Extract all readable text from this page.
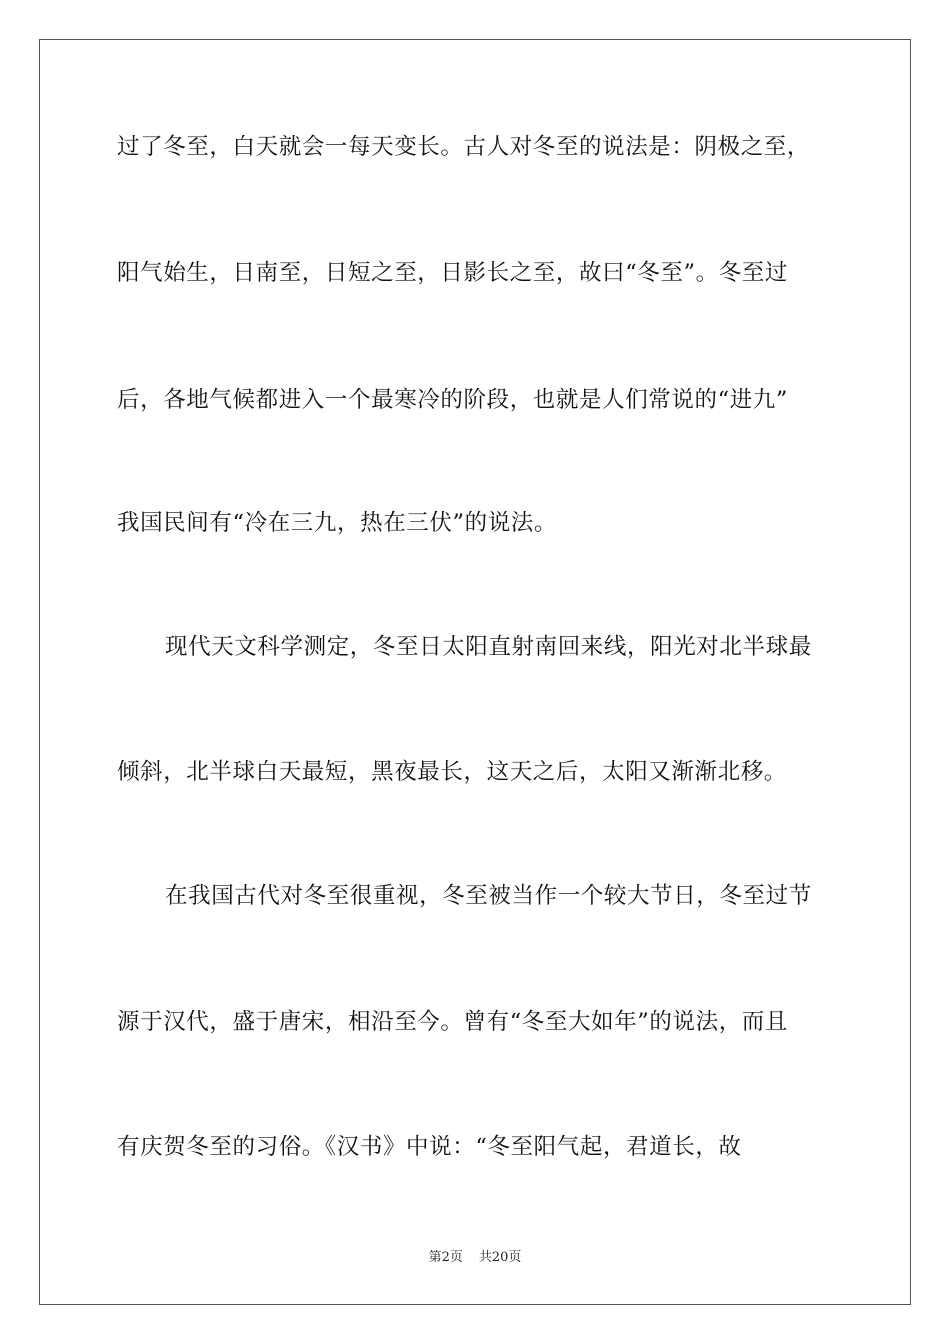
过了冬至，白天就会一每天变长。古人对冬至的说法是：阴极之至，
阳气始生，日南至，日短之至，日影长之至，故曰“冬至”。冬至过
后，各地气候都进入一个最寒冷的阶段，也就是人们常说的“进九”
我国民间有“冷在三九，热在三伏”的说法。
现代天文科学测定，冬至日太阳直射南回来线，阳光对北半球最
倾斜，北半球白天最短，黑夜最长，这天之后，太阳又渐渐北移。
在我国古代对冬至很重视，冬至被当作一个较大节日，冬至过节
源于汉代，盛于唐宋，相沿至今。曾有“冬至大如年”的说法，而且
有庆贺冬至的习俗。《汉书》中说：“冬至阳气起，君道长，故
第2页 共20页
